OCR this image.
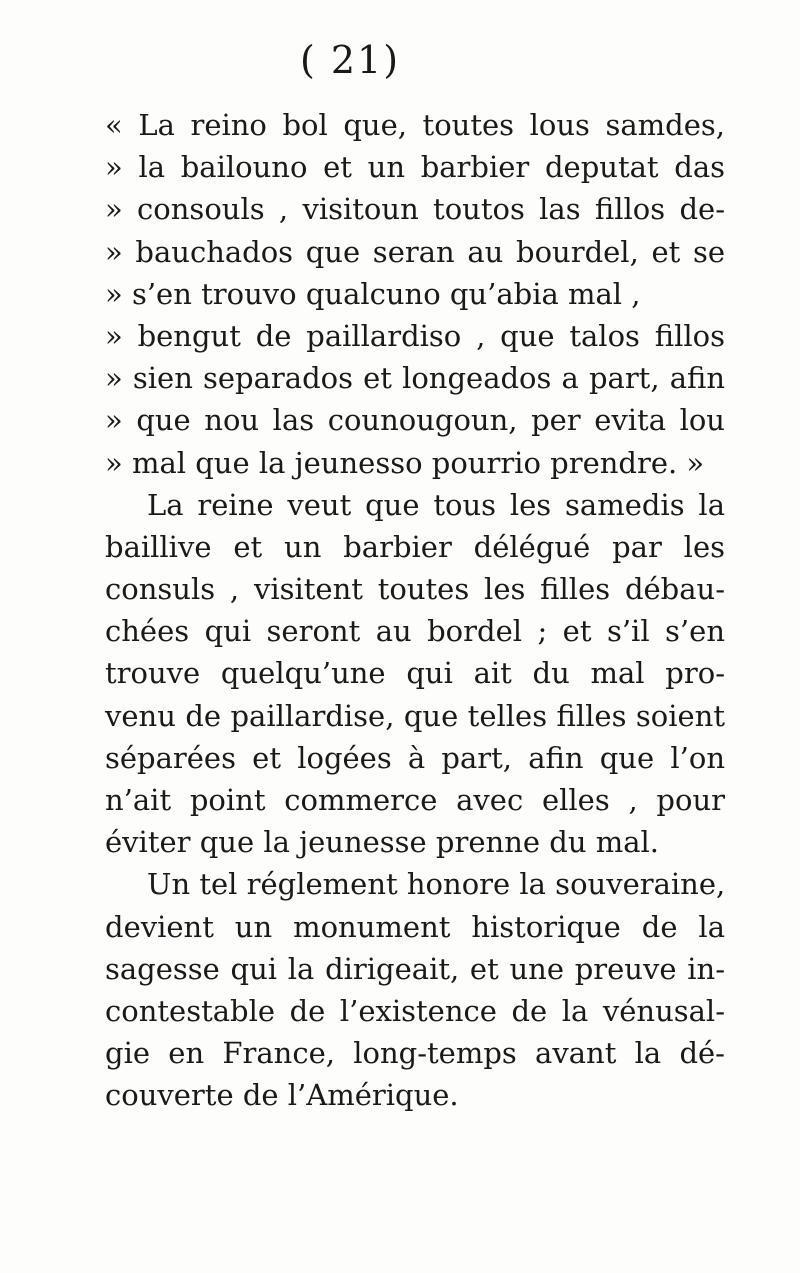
( 21)
« La reino bol que, toutes lous samdes,
» la bailouno et un barbier deputat das
» consouls , visitoun toutos las fillos de-
» bauchados que seran au bourdel, et se
» s’en trouvo qualcuno qu’abia mal ,
» bengut de paillardiso , que talos fillos
» sien separados et longeados a part, afin
» que nou las counougoun, per evita lou
» mal que la jeunesso pourrio prendre. »
La reine veut que tous les samedis la
baillive et un barbier délégué par les
consuls , visitent toutes les filles débau-
chées qui seront au bordel ; et s’il s’en
trouve quelqu’une qui ait du mal pro-
venu de paillardise, que telles filles soient
séparées et logées à part, afin que l’on
n’ait point commerce avec elles , pour
éviter que la jeunesse prenne du mal.
Un tel réglement honore la souveraine,
devient un monument historique de la
sagesse qui la dirigeait, et une preuve in-
contestable de l’existence de la vénusal-
gie en France, long-temps avant la dé-
couverte de l’Amérique.
